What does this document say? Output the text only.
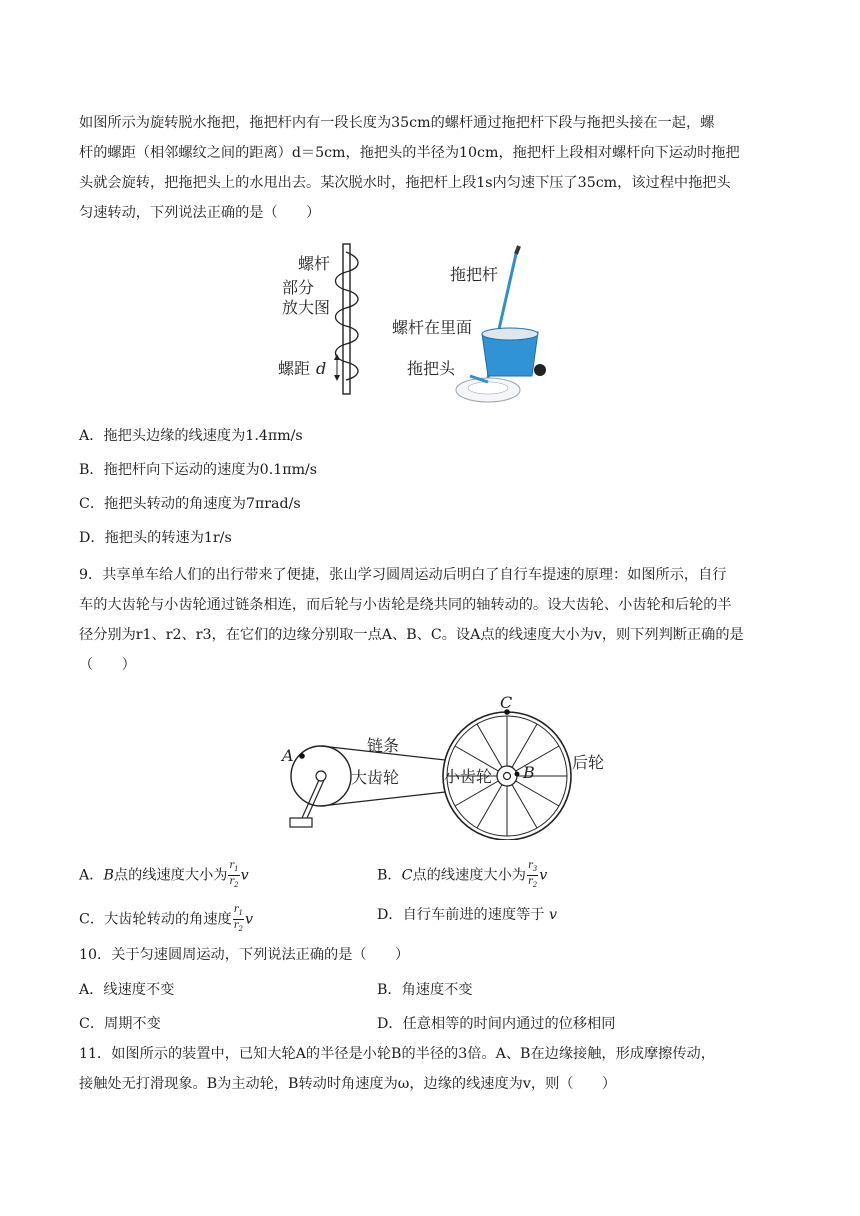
如图所示为旋转脱水拖把，拖把杆内有一段长度为35cm的螺杆通过拖把杆下段与拖把头接在一起，螺
杆的螺距（相邻螺纹之间的距离）d＝5cm，拖把头的半径为10cm，拖把杆上段相对螺杆向下运动时拖把
头就会旋转，把拖把头上的水甩出去。某次脱水时，拖把杆上段1s内匀速下压了35cm，该过程中拖把头
匀速转动，下列说法正确的是（　　）
螺杆
部分
放大图
螺距 d
拖把杆
螺杆在里面
拖把头
A．拖把头边缘的线速度为1.4πm/s
B．拖把杆向下运动的速度为0.1πm/s
C．拖把头转动的角速度为7πrad/s
D．拖把头的转速为1r/s
9．共享单车给人们的出行带来了便捷，张山学习圆周运动后明白了自行车提速的原理：如图所示，自行
车的大齿轮与小齿轮通过链条相连，而后轮与小齿轮是绕共同的轴转动的。设大齿轮、小齿轮和后轮的半
径分别为r1、r2、r3，在它们的边缘分别取一点A、B、C。设A点的线速度大小为v，则下列判断正确的是
（　　）
A
C
B
链条
大齿轮	小齿轮
后轮
A．B点的线速度大小为 $\frac{r_1}{r_2}$ v	B．C点的线速度大小为 $\frac{r_3}{r_2}$ v
C．大齿轮转动的角速度 $\frac{r_1}{r_2}$ v	D．自行车前进的速度等于 v
10．关于匀速圆周运动，下列说法正确的是（　　）
A．线速度不变	B．角速度不变
C．周期不变	D．任意相等的时间内通过的位移相同
11．如图所示的装置中，已知大轮A的半径是小轮B的半径的3倍。A、B在边缘接触，形成摩擦传动，
接触处无打滑现象。B为主动轮，B转动时角速度为ω，边缘的线速度为v，则（　　）
